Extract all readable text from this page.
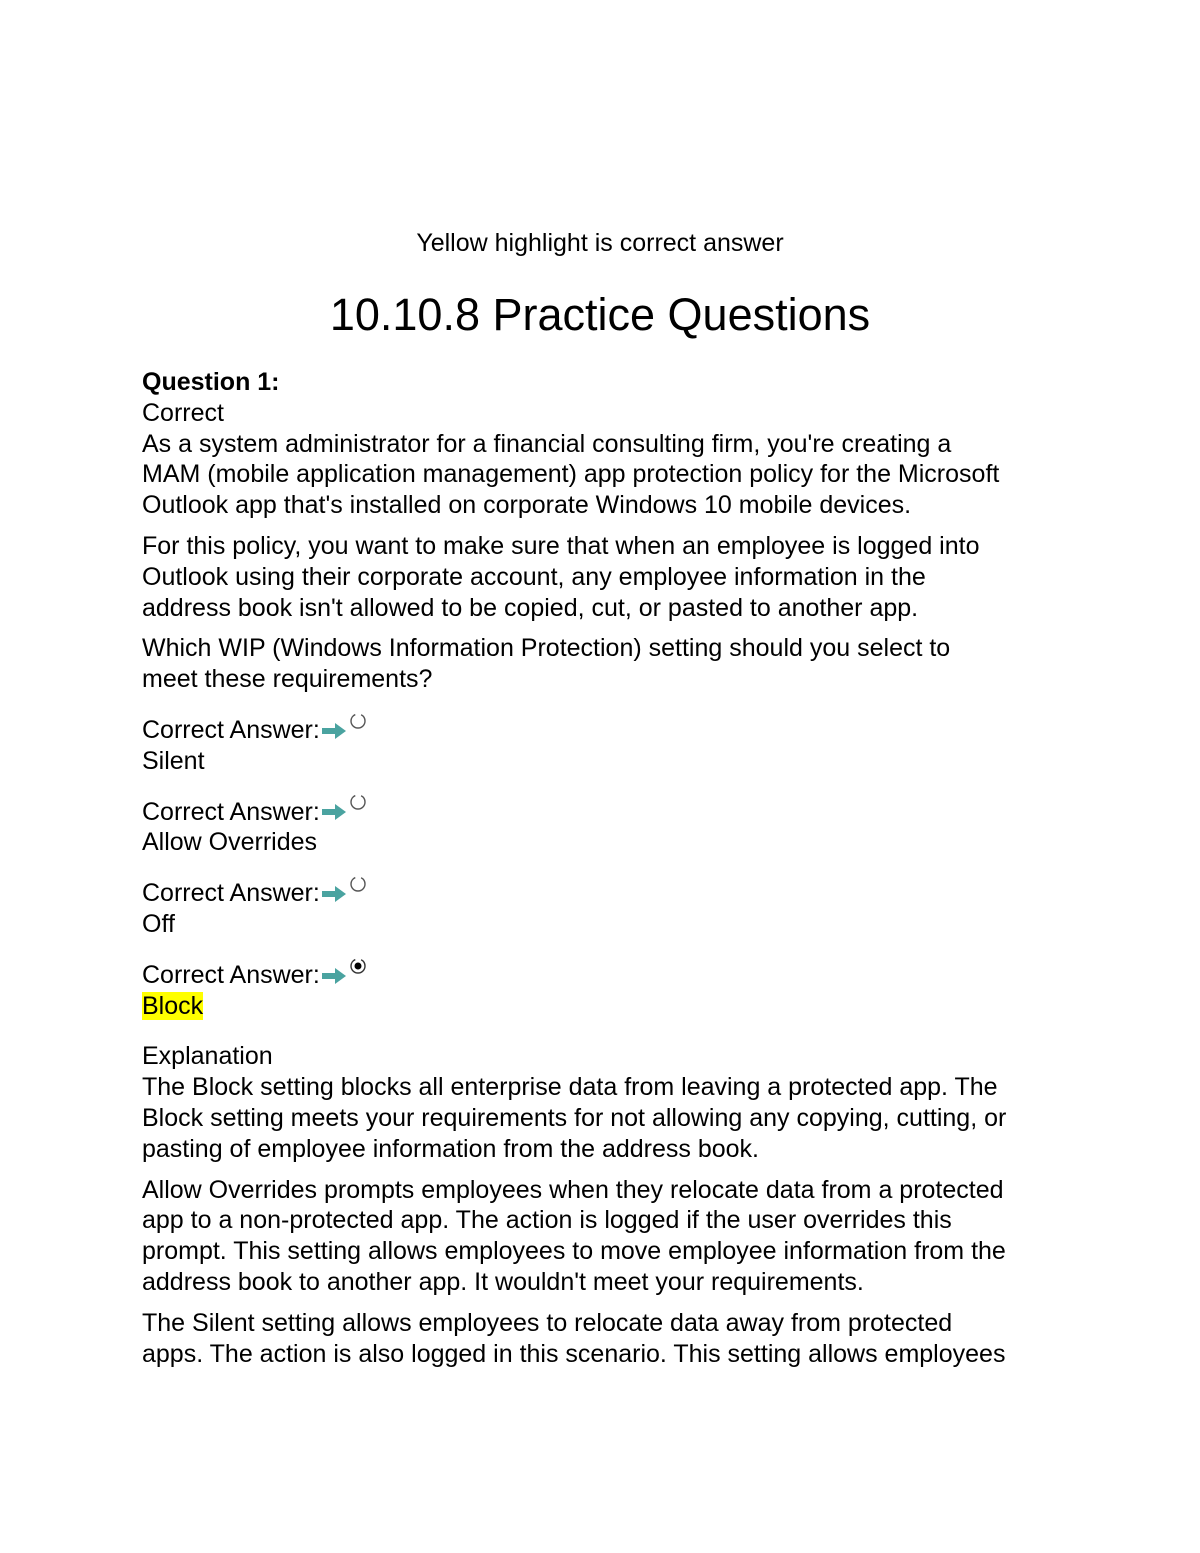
Yellow highlight is correct answer
10.10.8 Practice Questions
Question 1:
Correct
As a system administrator for a financial consulting firm, you're creating a
MAM (mobile application management) app protection policy for the Microsoft
Outlook app that's installed on corporate Windows 10 mobile devices.
For this policy, you want to make sure that when an employee is logged into
Outlook using their corporate account, any employee information in the
address book isn't allowed to be copied, cut, or pasted to another app.
Which WIP (Windows Information Protection) setting should you select to
meet these requirements?
Correct Answer:
Silent
Correct Answer:
Allow Overrides
Correct Answer:
Off
Correct Answer:
Block
Explanation
The Block setting blocks all enterprise data from leaving a protected app. The
Block setting meets your requirements for not allowing any copying, cutting, or
pasting of employee information from the address book.
Allow Overrides prompts employees when they relocate data from a protected
app to a non-protected app. The action is logged if the user overrides this
prompt. This setting allows employees to move employee information from the
address book to another app. It wouldn't meet your requirements.
The Silent setting allows employees to relocate data away from protected
apps. The action is also logged in this scenario. This setting allows employees
